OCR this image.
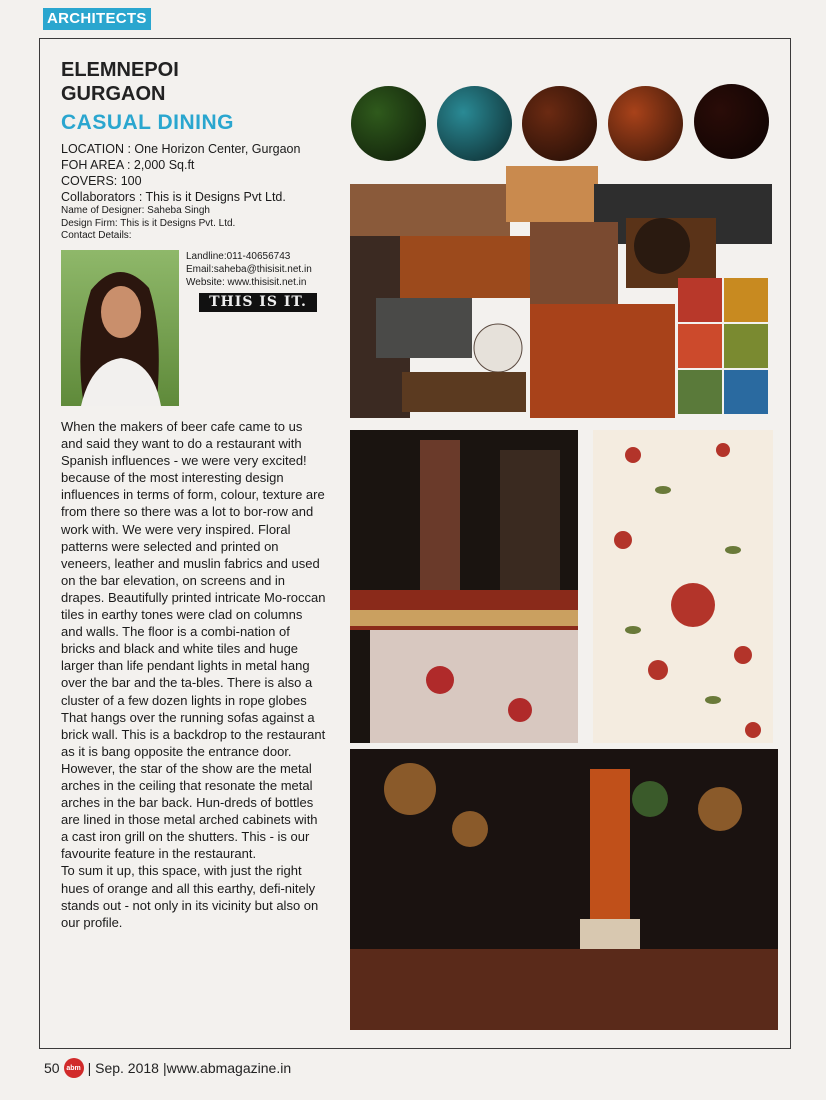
ARCHITECTS
ELEMNEPOI
GURGAON
CASUAL DINING
LOCATION : One Horizon Center, Gurgaon
FOH AREA : 2,000 Sq.ft
COVERS: 100
Collaborators : This is it Designs Pvt Ltd.
Name of Designer: Saheba Singh
Design Firm: This is it Designs Pvt. Ltd.
Contact Details:
Landline:011-40656743
Email:saheba@thisisit.net.in
Website: www.thisisit.net.in
THIS IS IT.

When the makers of beer cafe came to us and said they want to do a restaurant with Spanish influences - we were very excited! because of the most interesting design influences in terms of form, colour, texture are from there so there was a lot to bor-row and work with. We were very inspired. Floral patterns were selected and printed on veneers, leather and muslin fabrics and used on the bar elevation, on screens and in drapes. Beautifully printed intricate Mo-roccan tiles in earthy tones were clad on columns and walls. The floor is a combi-nation of bricks and black and white tiles and huge larger than life pendant lights in metal hang over the bar and the ta-bles. There is also a cluster of a few dozen lights in rope globes That hangs over the running sofas against a brick wall. This is a backdrop to the restaurant as it is bang opposite the entrance door.

However, the star of the show are the metal arches in the ceiling that resonate the metal arches in the bar back. Hun-dreds of bottles are lined in those metal arched cabinets with a cast iron grill on the shutters. This - is our favourite feature in the restaurant.

To sum it up, this space, with just the right hues of orange and all this earthy, defi-nitely stands out - not only in its vicinity but also on our profile.

50 abm | Sep. 2018 |www.abmagazine.in
